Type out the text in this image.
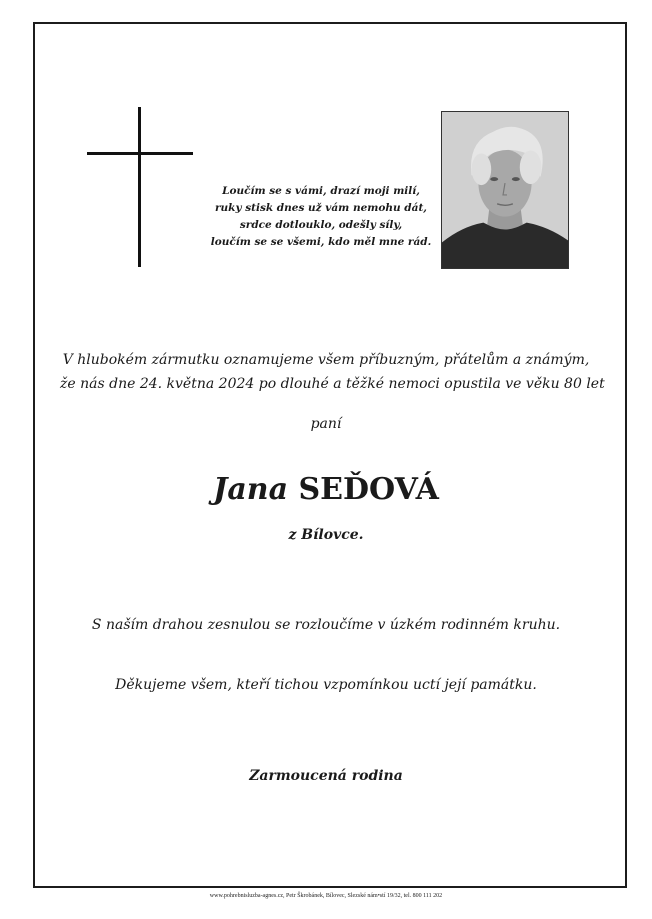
Loučím se s vámi, drazí moji milí,
ruky stisk dnes už vám nemohu dát,
srdce dotlouklo, odešly síly,
loučím se se všemi, kdo měl mne rád.
V hlubokém zármutku oznamujeme všem příbuzným, přátelům a známým,
že nás dne 24. května 2024 po dlouhé a těžké nemoci opustila ve věku 80 let
paní
Jana SEĎOVÁ
z Bílovce.
S naším drahou zesnulou se rozloučíme v úzkém rodinném kruhu.
Děkujeme všem, kteří tichou vzpomínkou uctí její památku.
Zarmoucená rodina
www.pohrebnisluzba-agnes.cz, Petr Škrobánek, Bílovec, Slezské nám•stí 19/32, tel. 800 111 202
